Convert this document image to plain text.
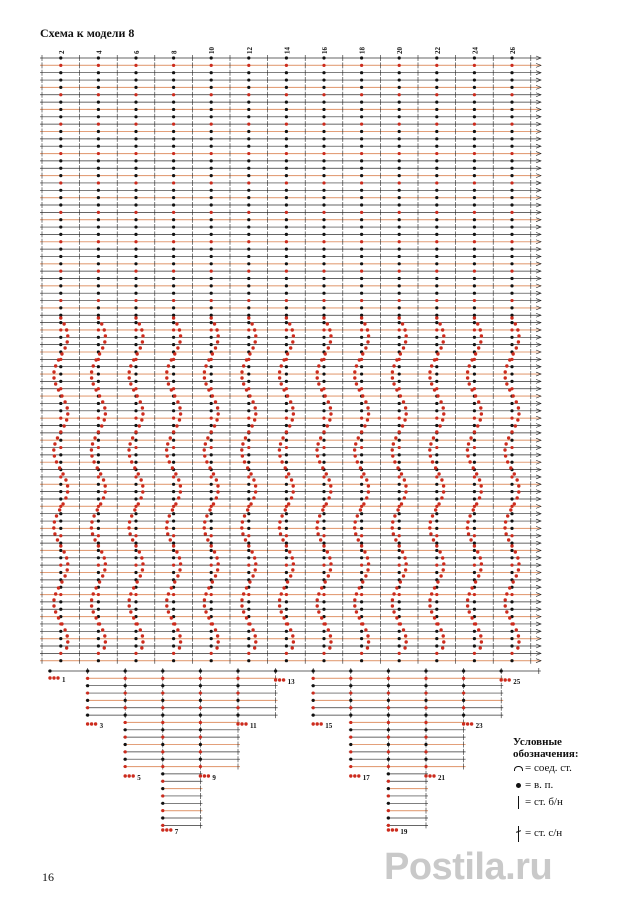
Схема к модели 8
2	4	6	8	10	12	14	16	18	20	22	24	26
1
3
5
7
9
11
13
15
17
19
21
23
25
Условные
обозначения:
= соед. ст.
= в. п.
= ст. б/н
= ст. с/н
16	Postila.ru
